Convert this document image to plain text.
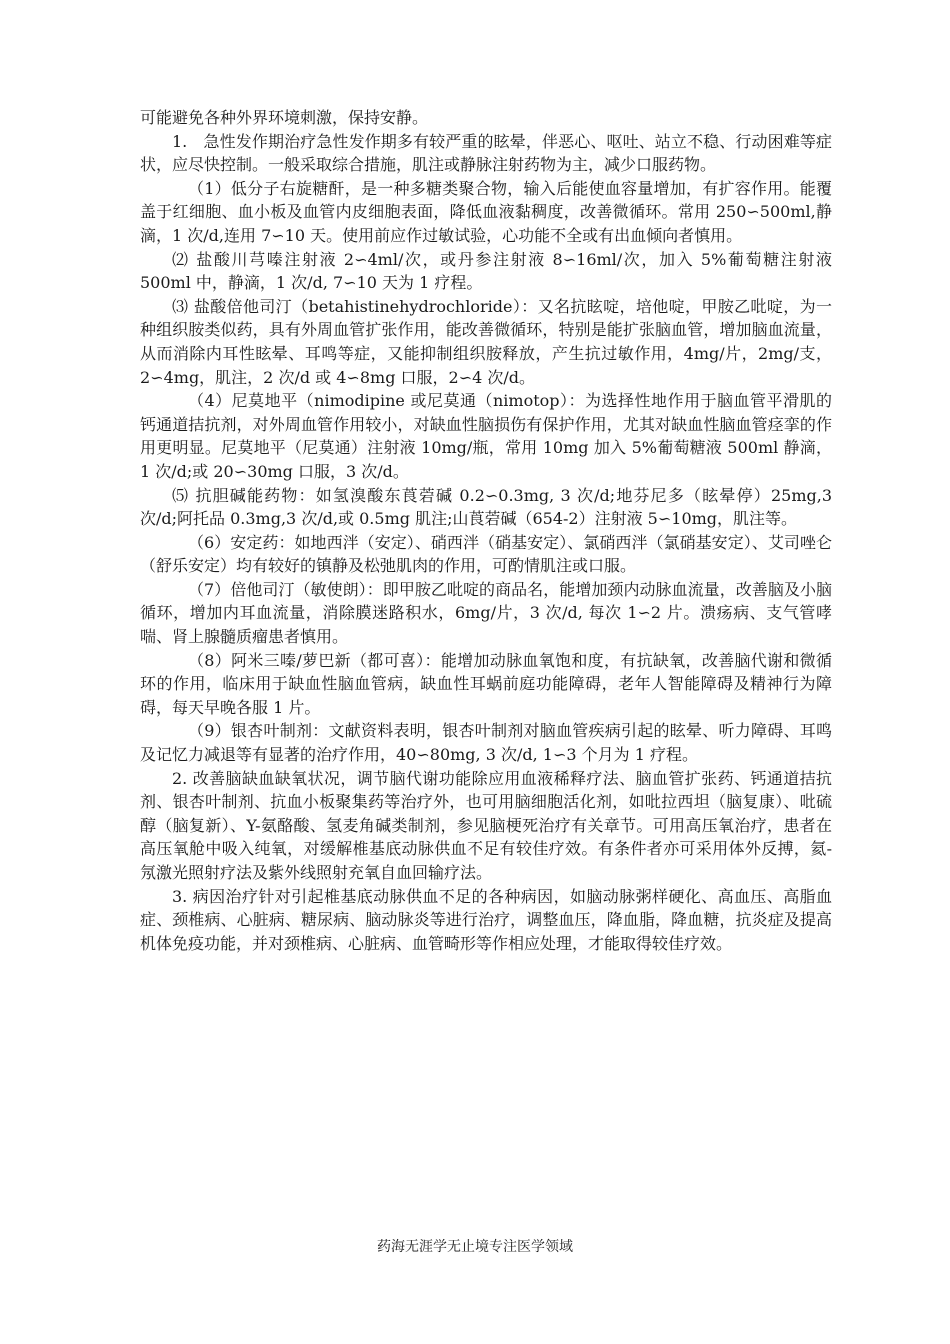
可能避免各种外界环境刺激，保持安静。

1.　急性发作期治疗急性发作期多有较严重的眩晕，伴恶心、呕吐、站立不稳、行动困难等症状，应尽快控制。一般采取综合措施，肌注或静脉注射药物为主，减少口服药物。

（1）低分子右旋糖酐，是一种多糖类聚合物，输入后能使血容量增加，有扩容作用。能覆盖于红细胞、血小板及血管内皮细胞表面，降低血液黏稠度，改善微循环。常用 250∽500ml,静滴，1 次/d,连用 7∽10 天。使用前应作过敏试验，心功能不全或有出血倾向者慎用。

⑵ 盐酸川芎嗪注射液 2∽4ml/次，或丹参注射液 8∽16ml/次，加入 5%葡萄糖注射液 500ml 中，静滴，1 次/d, 7∽10 天为 1 疗程。

⑶ 盐酸倍他司汀（betahistinehydrochloride）：又名抗眩啶，培他啶，甲胺乙吡啶，为一种组织胺类似药，具有外周血管扩张作用，能改善微循环，特别是能扩张脑血管，增加脑血流量，从而消除内耳性眩晕、耳鸣等症，又能抑制组织胺释放，产生抗过敏作用，4mg/片，2mg/支，2∽4mg，肌注，2 次/d 或 4∽8mg 口服，2∽4 次/d。

（4）尼莫地平（nimodipine 或尼莫通（nimotop）：为选择性地作用于脑血管平滑肌的钙通道拮抗剂，对外周血管作用较小，对缺血性脑损伤有保护作用，尤其对缺血性脑血管痉挛的作用更明显。尼莫地平（尼莫通）注射液 10mg/瓶，常用 10mg 加入 5%葡萄糖液 500ml 静滴，1 次/d;或 20∽30mg 口服，3 次/d。

⑸ 抗胆碱能药物：如氢溴酸东莨菪碱 0.2∽0.3mg, 3 次/d;地芬尼多（眩晕停）25mg,3 次/d;阿托品 0.3mg,3 次/d,或 0.5mg 肌注;山莨菪碱（654-2）注射液 5∽10mg，肌注等。

（6）安定药：如地西泮（安定）、硝西泮（硝基安定）、氯硝西泮（氯硝基安定）、艾司唑仑（舒乐安定）均有较好的镇静及松弛肌肉的作用，可酌情肌注或口服。

（7）倍他司汀（敏使朗）：即甲胺乙吡啶的商品名，能增加颈内动脉血流量，改善脑及小脑循环，增加内耳血流量，消除膜迷路积水，6mg/片，3 次/d, 每次 1∽2 片。溃疡病、支气管哮喘、肾上腺髓质瘤患者慎用。

（8）阿米三嗪/萝巴新（都可喜）：能增加动脉血氧饱和度，有抗缺氧，改善脑代谢和微循环的作用，临床用于缺血性脑血管病，缺血性耳蜗前庭功能障碍，老年人智能障碍及精神行为障碍，每天早晚各服 1 片。

（9）银杏叶制剂：文献资料表明，银杏叶制剂对脑血管疾病引起的眩晕、听力障碍、耳鸣及记忆力减退等有显著的治疗作用，40∽80mg, 3 次/d, 1∽3 个月为 1 疗程。

2. 改善脑缺血缺氧状况，调节脑代谢功能除应用血液稀释疗法、脑血管扩张药、钙通道拮抗剂、银杏叶制剂、抗血小板聚集药等治疗外，也可用脑细胞活化剂，如吡拉西坦（脑复康）、吡硫醇（脑复新）、Y-氨酪酸、氢麦角碱类制剂，参见脑梗死治疗有关章节。可用高压氧治疗，患者在高压氧舱中吸入纯氧，对缓解椎基底动脉供血不足有较佳疗效。有条件者亦可采用体外反搏，氦-氖激光照射疗法及紫外线照射充氧自血回输疗法。

3. 病因治疗针对引起椎基底动脉供血不足的各种病因，如脑动脉粥样硬化、高血压、高脂血症、颈椎病、心脏病、糖尿病、脑动脉炎等进行治疗，调整血压，降血脂，降血糖，抗炎症及提高机体免疫功能，并对颈椎病、心脏病、血管畸形等作相应处理，才能取得较佳疗效。

药海无涯学无止境专注医学领域
